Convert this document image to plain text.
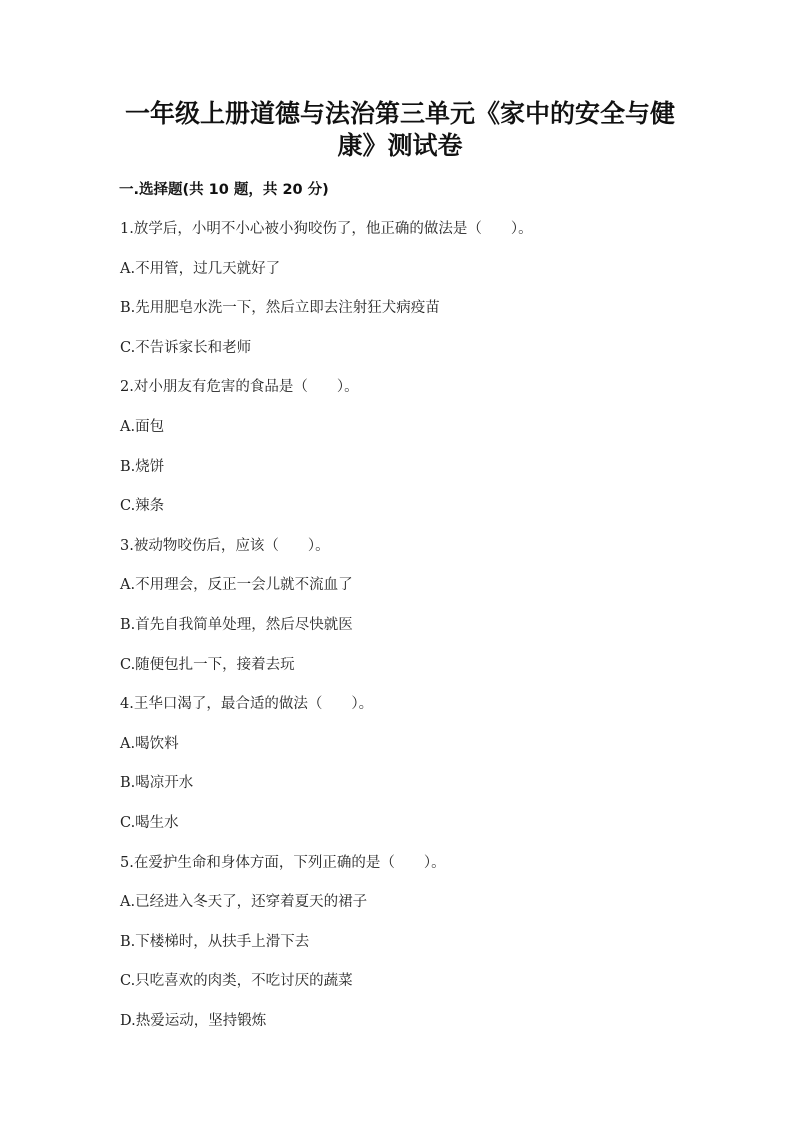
一年级上册道德与法治第三单元《家中的安全与健
康》测试卷
一.选择题(共 10 题，共 20 分)
1.放学后，小明不小心被小狗咬伤了，他正确的做法是（　　）。
A.不用管，过几天就好了
B.先用肥皂水洗一下，然后立即去注射狂犬病疫苗
C.不告诉家长和老师
2.对小朋友有危害的食品是（　　）。
A.面包
B.烧饼
C.辣条
3.被动物咬伤后，应该（　　）。
A.不用理会，反正一会儿就不流血了
B.首先自我简单处理，然后尽快就医
C.随便包扎一下，接着去玩
4.王华口渴了，最合适的做法（　　）。
A.喝饮料
B.喝凉开水
C.喝生水
5.在爱护生命和身体方面，下列正确的是（　　）。
A.已经进入冬天了，还穿着夏天的裙子
B.下楼梯时，从扶手上滑下去
C.只吃喜欢的肉类，不吃讨厌的蔬菜
D.热爱运动，坚持锻炼
